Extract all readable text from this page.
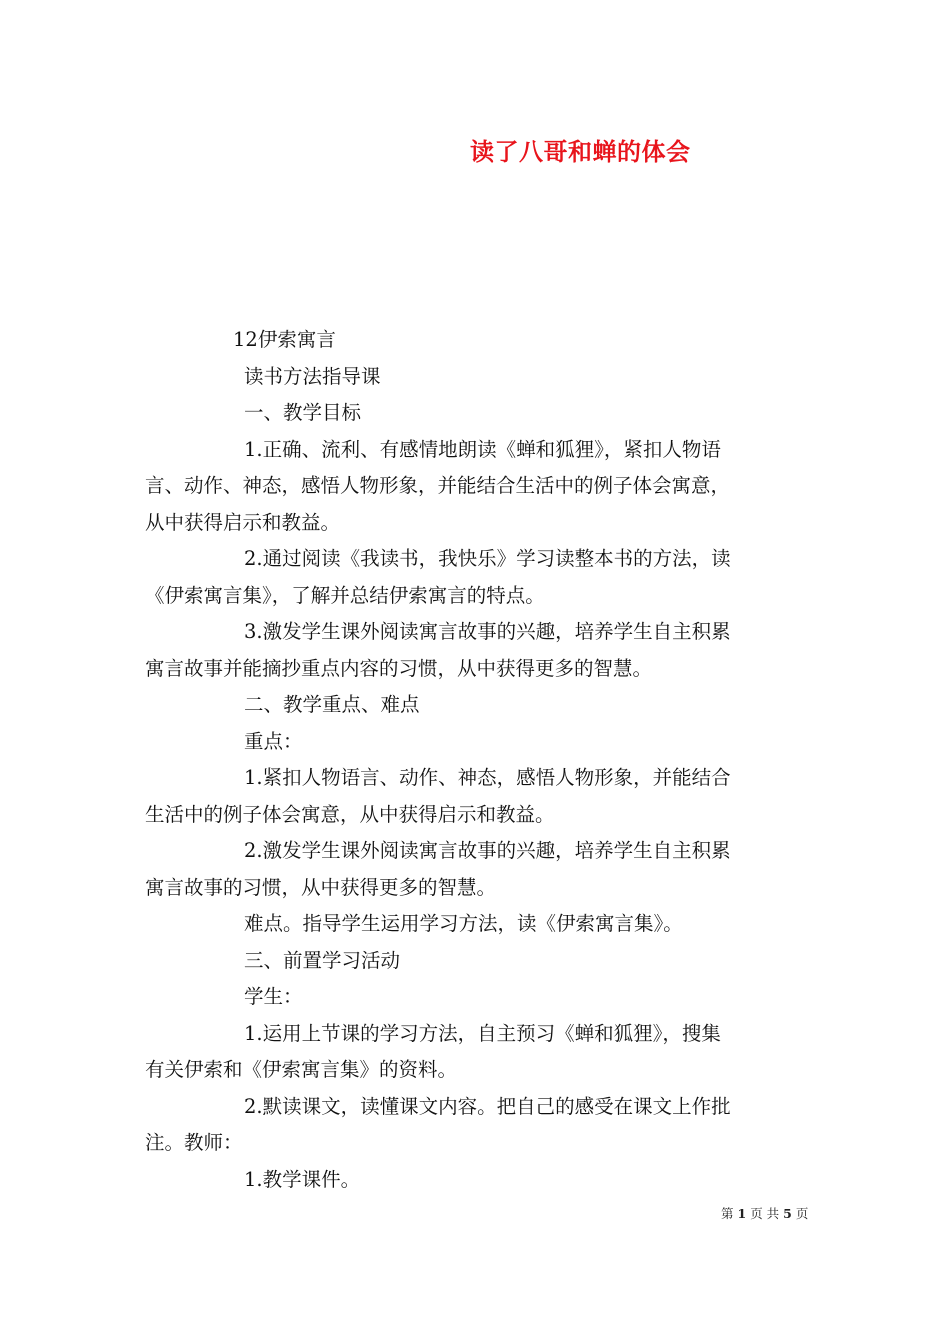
读了八哥和蝉的体会

12伊索寓言

读书方法指导课

一、教学目标

1.正确、流利、有感情地朗读《蝉和狐狸》，紧扣人物语

言、动作、神态，感悟人物形象，并能结合生活中的例子体会寓意，

从中获得启示和教益。

2.通过阅读《我读书，我快乐》学习读整本书的方法，读

《伊索寓言集》，了解并总结伊索寓言的特点。

3.激发学生课外阅读寓言故事的兴趣，培养学生自主积累

寓言故事并能摘抄重点内容的习惯，从中获得更多的智慧。

二、教学重点、难点

重点：

1.紧扣人物语言、动作、神态，感悟人物形象，并能结合

生活中的例子体会寓意，从中获得启示和教益。

2.激发学生课外阅读寓言故事的兴趣，培养学生自主积累

寓言故事的习惯，从中获得更多的智慧。

难点。指导学生运用学习方法，读《伊索寓言集》。

三、前置学习活动

学生：

1.运用上节课的学习方法，自主预习《蝉和狐狸》，搜集

有关伊索和《伊索寓言集》的资料。

2.默读课文，读懂课文内容。把自己的感受在课文上作批

注。教师：

1.教学课件。

第 1 页 共 5 页
